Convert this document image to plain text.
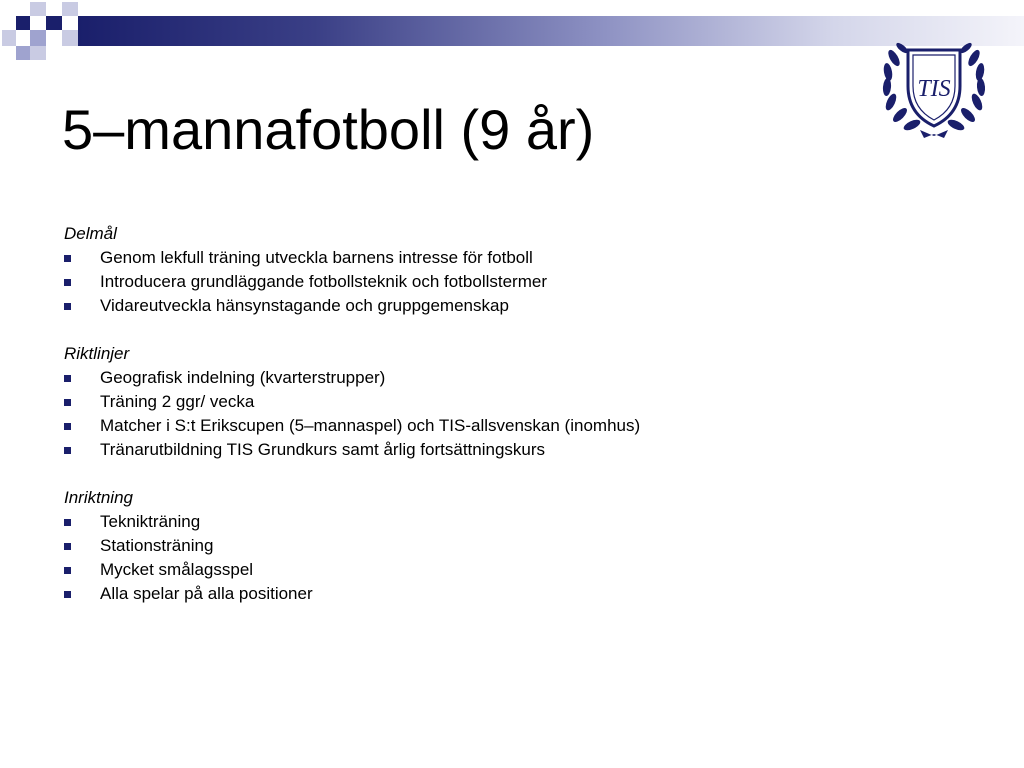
TIS
5–mannafotboll (9 år)
Delmål
Genom lekfull träning utveckla barnens intresse för fotboll
Introducera grundläggande fotbollsteknik och fotbollstermer
Vidareutveckla hänsynstagande och gruppgemenskap
Riktlinjer
Geografisk indelning (kvarterstrupper)
Träning 2 ggr/ vecka
Matcher i S:t Erikscupen (5–mannaspel) och TIS-allsvenskan (inomhus)
Tränarutbildning TIS Grundkurs samt årlig fortsättningskurs
Inriktning
Teknikträning
Stationsträning
Mycket smålagsspel
Alla spelar på alla positioner
